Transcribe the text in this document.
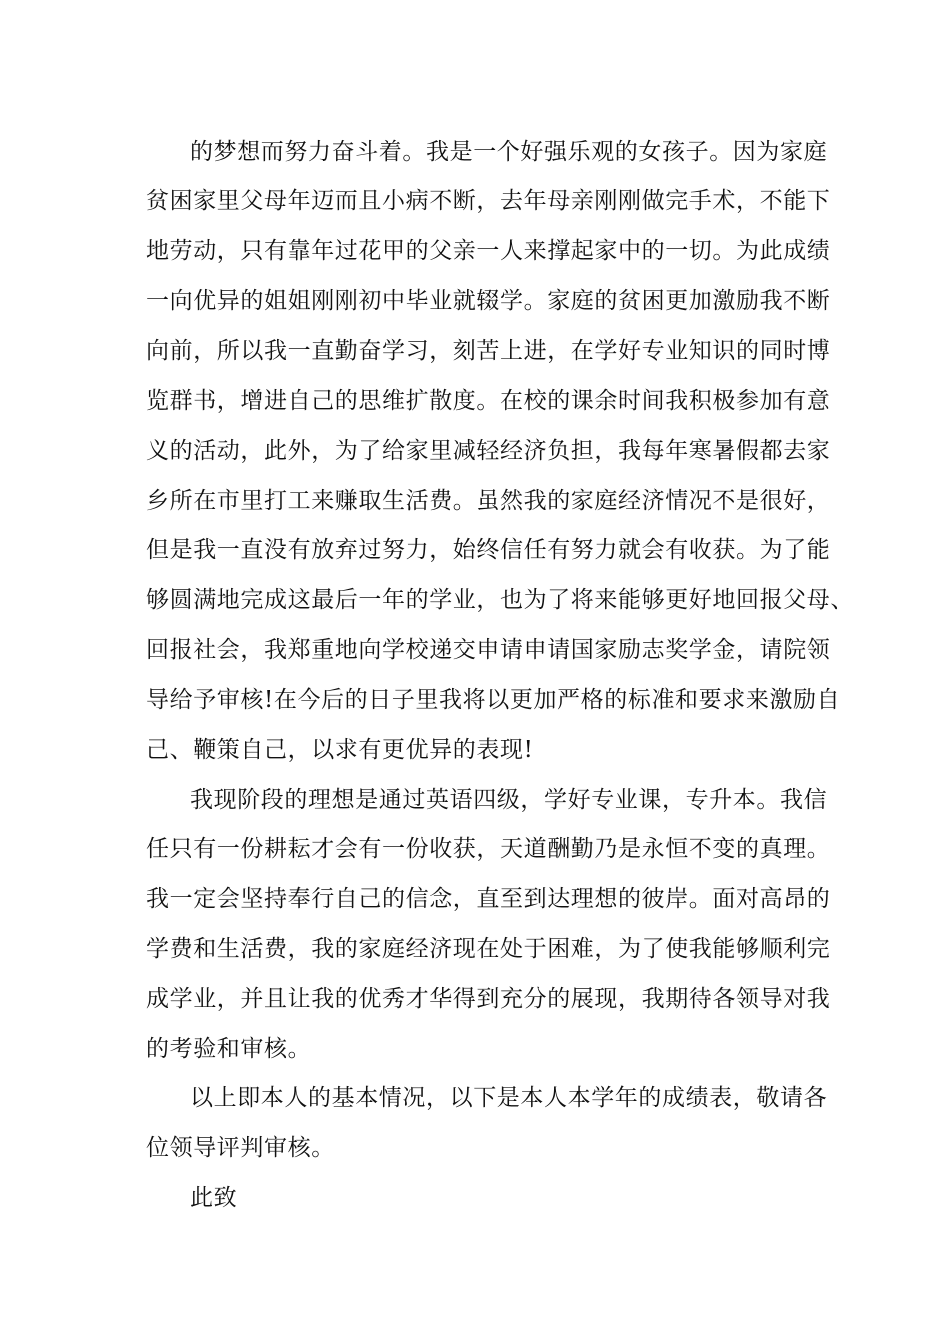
的梦想而努力奋斗着。我是一个好强乐观的女孩子。因为家庭

贫困家里父母年迈而且小病不断，去年母亲刚刚做完手术，不能下

地劳动，只有靠年过花甲的父亲一人来撑起家中的一切。为此成绩

一向优异的姐姐刚刚初中毕业就辍学。家庭的贫困更加激励我不断

向前，所以我一直勤奋学习，刻苦上进，在学好专业知识的同时博

览群书，增进自己的思维扩散度。在校的课余时间我积极参加有意

义的活动，此外，为了给家里减轻经济负担，我每年寒暑假都去家

乡所在市里打工来赚取生活费。虽然我的家庭经济情况不是很好，

但是我一直没有放弃过努力，始终信任有努力就会有收获。为了能

够圆满地完成这最后一年的学业，也为了将来能够更好地回报父母、

回报社会，我郑重地向学校递交申请申请国家励志奖学金，请院领

导给予审核!在今后的日子里我将以更加严格的标准和要求来激励自

己、鞭策自己，以求有更优异的表现!

我现阶段的理想是通过英语四级，学好专业课，专升本。我信

任只有一份耕耘才会有一份收获，天道酬勤乃是永恒不变的真理。

我一定会坚持奉行自己的信念，直至到达理想的彼岸。面对高昂的

学费和生活费，我的家庭经济现在处于困难，为了使我能够顺利完

成学业，并且让我的优秀才华得到充分的展现，我期待各领导对我

的考验和审核。

以上即本人的基本情况，以下是本人本学年的成绩表，敬请各

位领导评判审核。

此致
